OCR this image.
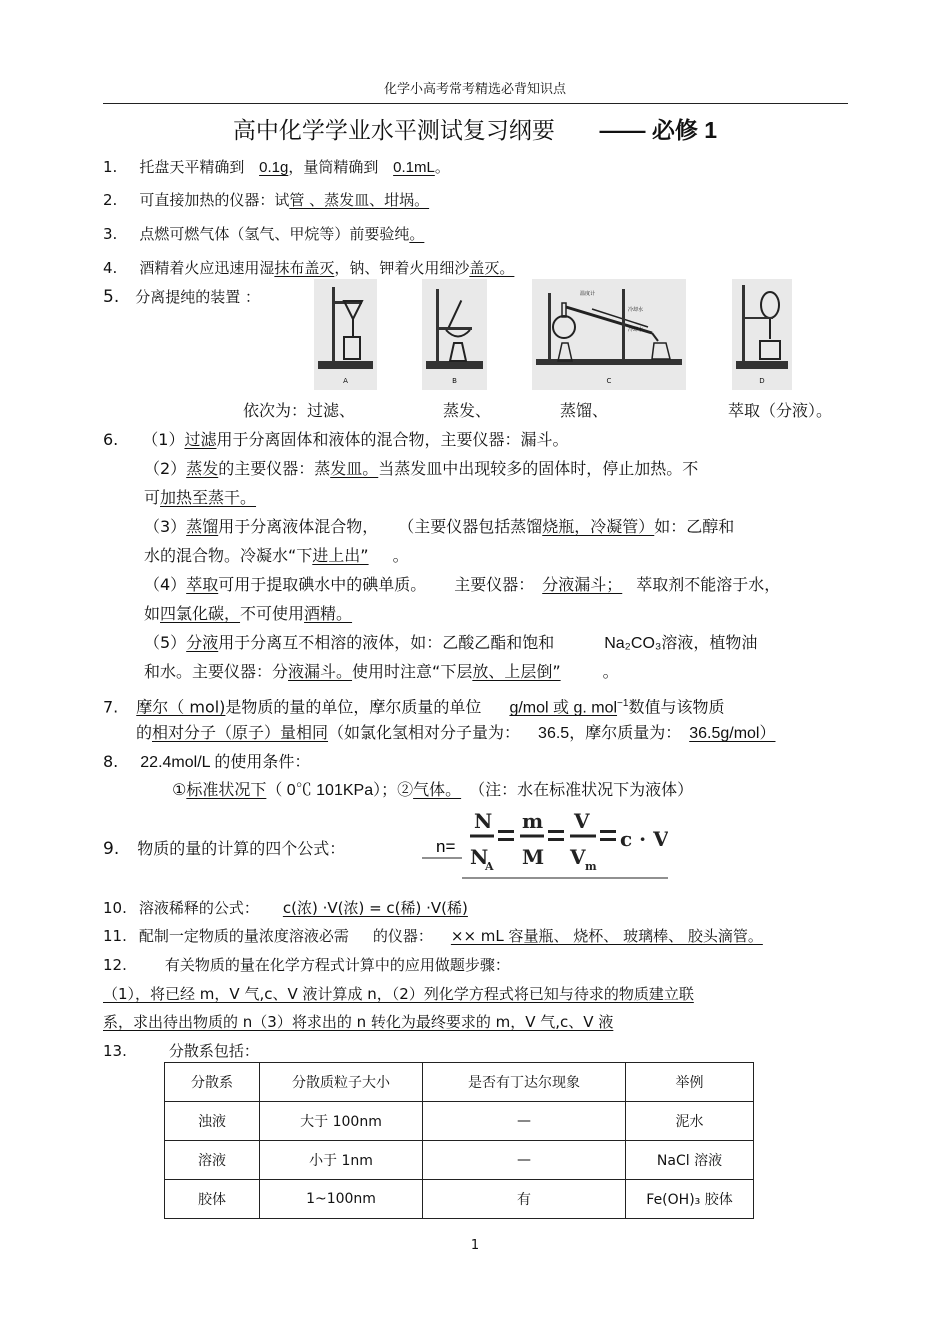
化学小高考常考精选必背知识点
高中化学学业水平测试复习纲要 —— 必修 1
1. 托盘天平精确到 0.1g，量筒精确到 0.1mL。
2. 可直接加热的仪器：试管 、蒸发皿、坩埚。
3. 点燃可燃气体（氢气、甲烷等）前要验纯。
4. 酒精着火应迅速用湿抹布盖灭，钠、钾着火用细沙盖灭。
5. 分离提纯的装置 ：
A	B
温度计
冷却水
冷却水
C	D
依次为：过滤、	蒸发、	蒸馏、	萃取（分液）。
6. （1）过滤用于分离固体和液体的混合物，主要仪器：漏斗。
（2）蒸发的主要仪器：蒸发皿。当蒸发皿中出现较多的固体时，停止加热。不
可加热至蒸干。
（3）蒸馏用于分离液体混合物， （主要仪器包括蒸馏烧瓶，冷凝管）如：乙醇和
水的混合物。冷凝水“下进上出” 。
（4）萃取可用于提取碘水中的碘单质。 主要仪器： 分液漏斗； 萃取剂不能溶于水，
如四氯化碳，不可使用酒精。
（5）分液用于分离互不相溶的液体，如：乙酸乙酯和饱和	Na₂CO₃溶液，植物油
和水。主要仪器：分液漏斗。使用时注意“下层放、上层倒”	。
7. 摩尔（ mol)是物质的量的单位，摩尔质量的单位 g/mol 或 g. mol$^{-1}$数值与该物质
的相对分子（原子）量相同（如氯化氢相对分子量为： 36.5，摩尔质量为： 36.5g/mol）
8. 22.4mol/L 的使用条件：
①标准状况下（ 0℃ 101KPa）；②气体。 （注：水在标准状况下为液体）
9. 物质的量的计算的四个公式：	n=
N
N
A
m
M
V
V m
c · V
10. 溶液稀释的公式： c(浓) ·V(浓) = c(稀) ·V(稀)
11. 配制一定物质的量浓度溶液必需 的仪器： ×× mL 容量瓶、 烧杯、 玻璃棒、 胶头滴管。
12.	有关物质的量在化学方程式计算中的应用做题步骤：
（1），将已经 m，V 气,c、V 液计算成 n，（2）列化学方程式将已知与待求的物质建立联
系，求出待出物质的 n（3）将求出的 n 转化为最终要求的 m，V 气,c、V 液
13.	分散系包括：
分散系	分散质粒子大小	是否有丁达尔现象	举例
浊液	大于 100nm	—	泥水
溶液	小于 1nm	—	NaCl 溶液
胶体	1~100nm	有	Fe(OH)₃ 胶体
1
